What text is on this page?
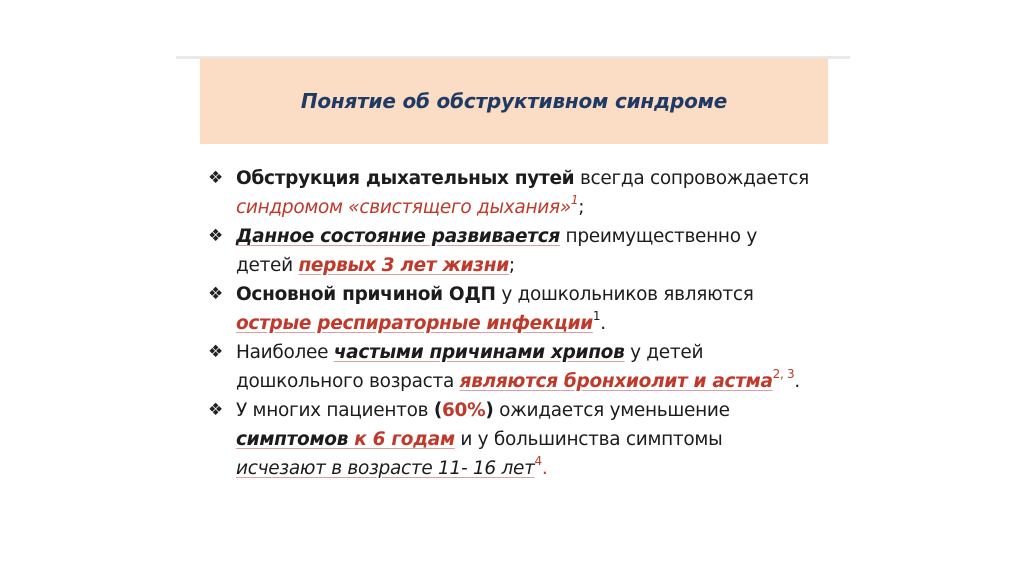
Понятие об обструктивном синдроме
❖ Обструкция дыхательных путей всегда сопровождается
синдромом «свистящего дыхания»$^1$;
❖ Данное состояние развивается преимущественно у
детей первых 3 лет жизни;
❖ Основной причиной ОДП у дошкольников являются
острые респираторные инфекции$^1$.
❖ Наиболее частыми причинами хрипов у детей
дошкольного возраста являются бронхиолит и астма$^{2, 3}$.
❖ У многих пациентов (60%) ожидается уменьшение
симптомов к 6 годам и у большинства симптомы
исчезают в возрасте 11- 16 лет$^4$.
